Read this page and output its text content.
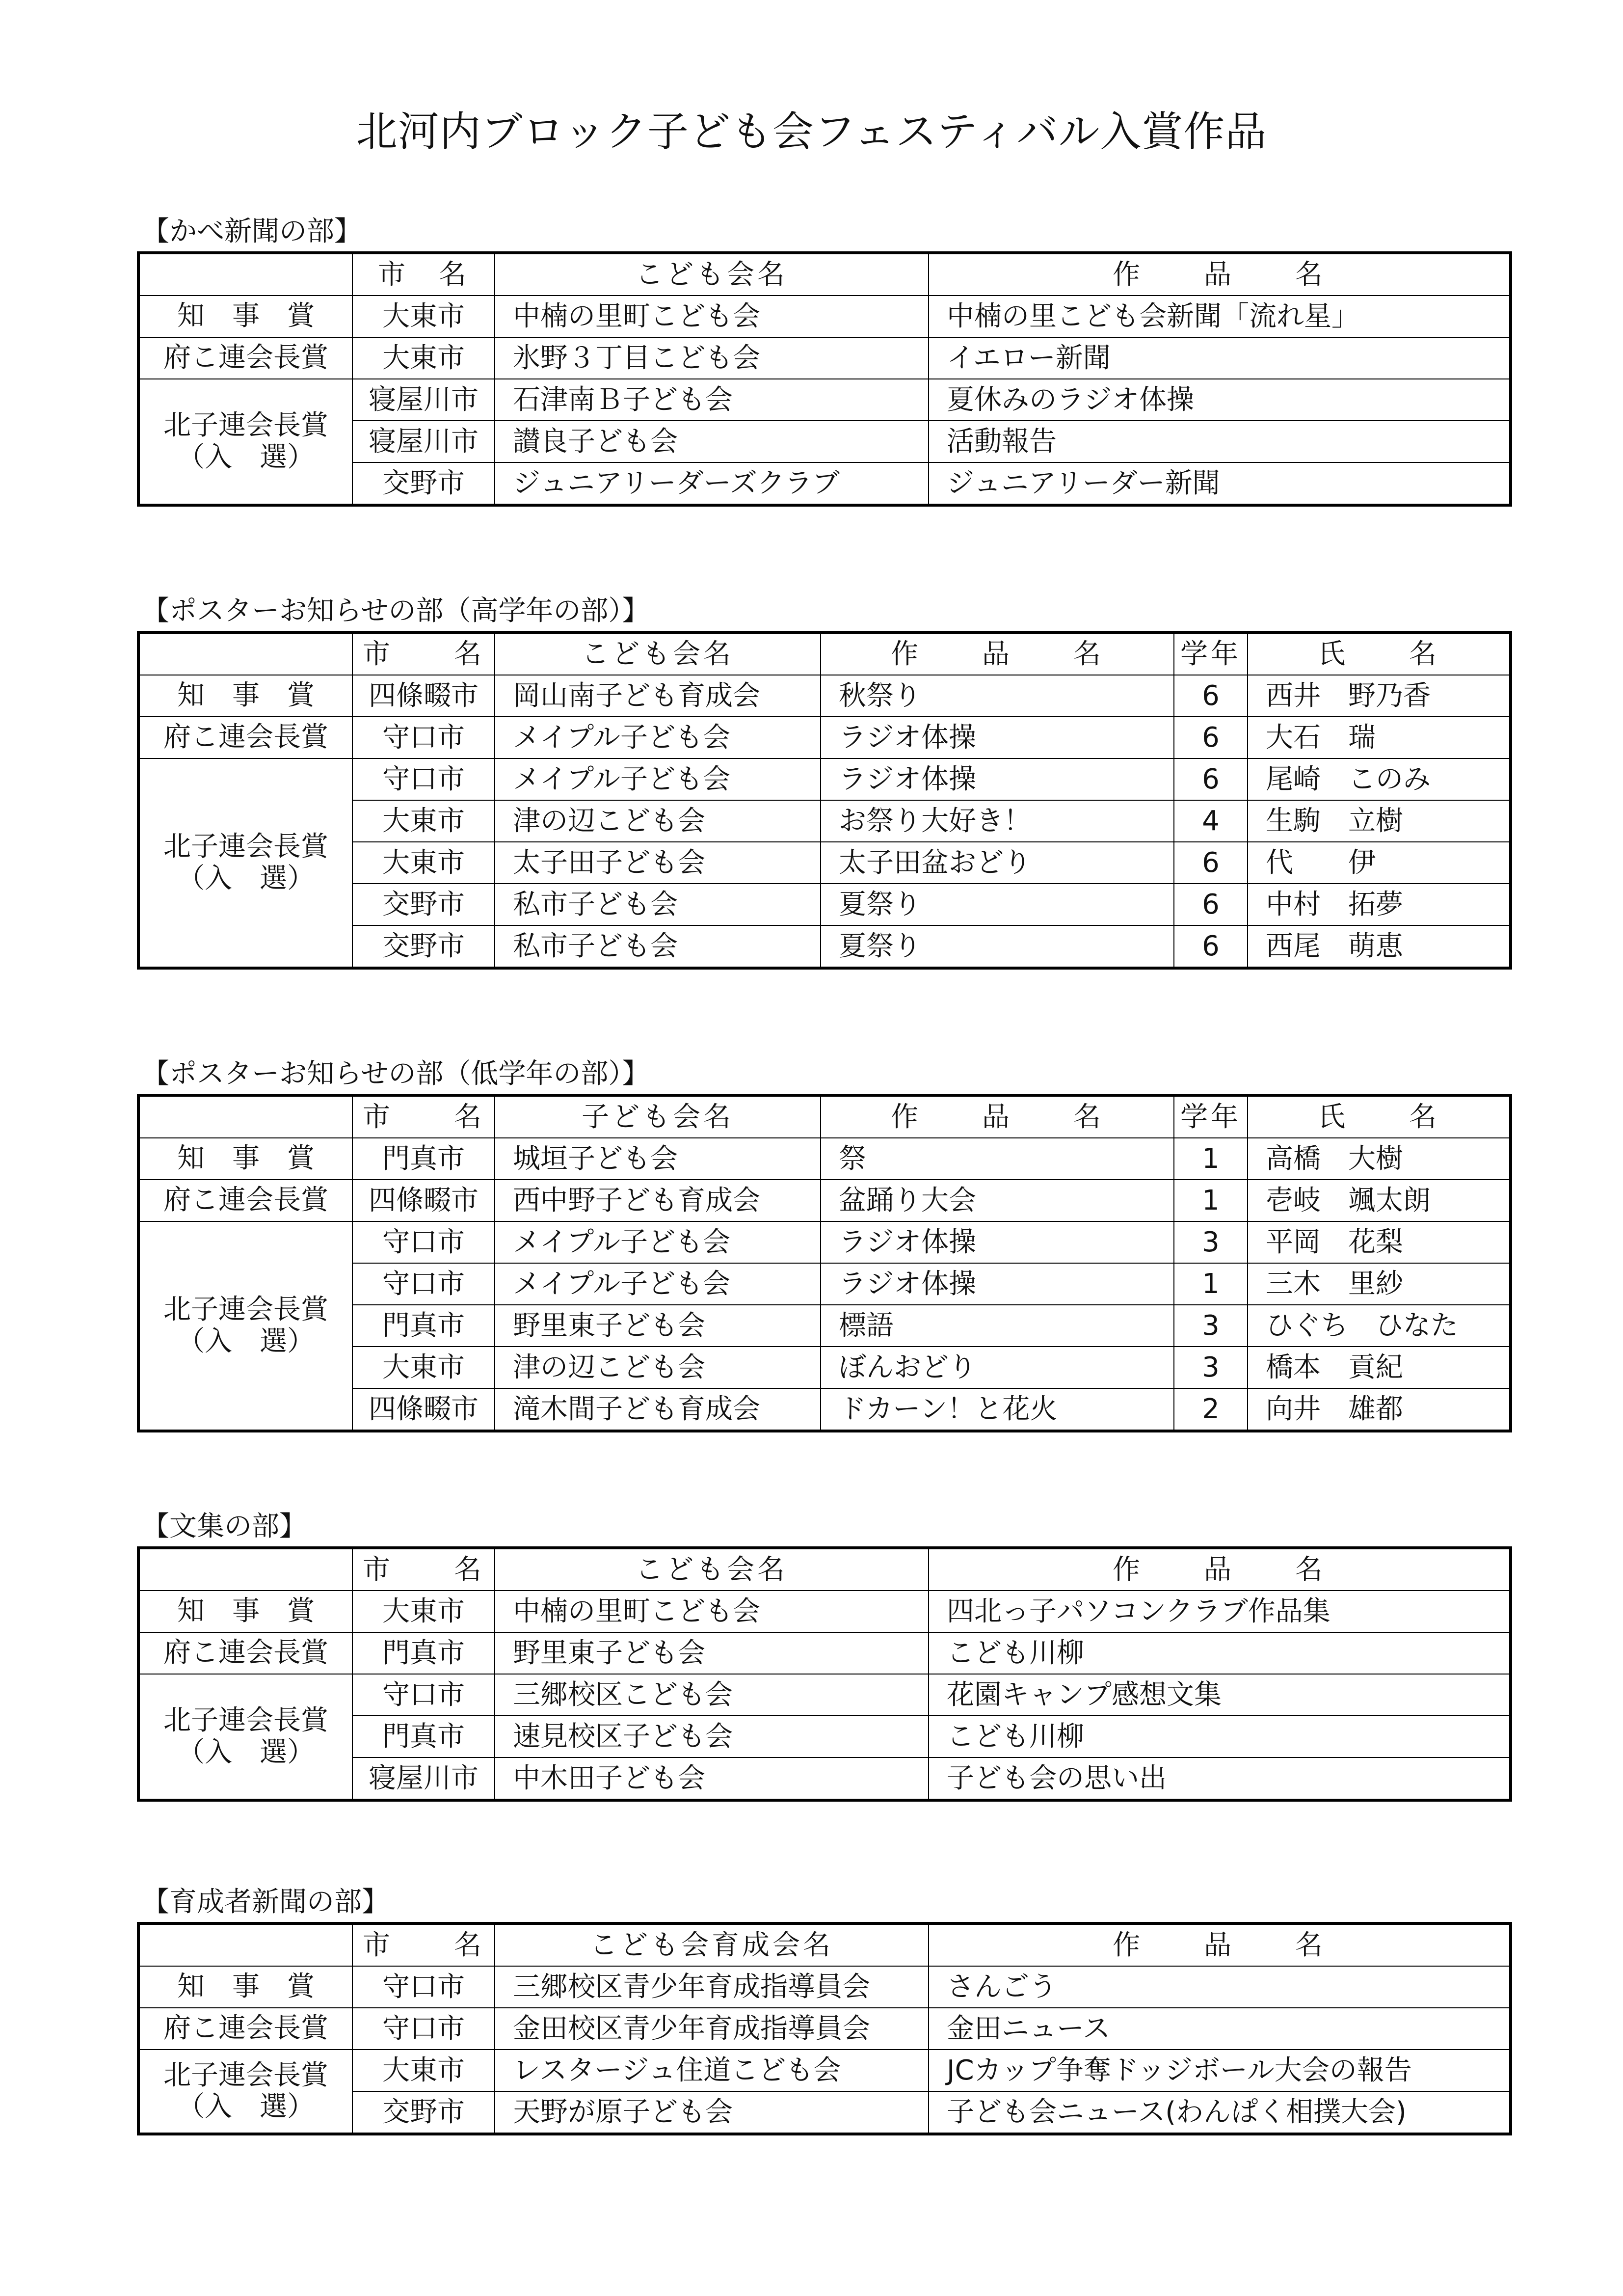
北河内ブロック子ども会フェスティバル入賞作品
【かべ新聞の部】
	市　名	こども会名	作　　品　　名

知　事　賞	大東市	中楠の里町こども会	中楠の里こども会新聞「流れ星」

府こ連会長賞	大東市	氷野３丁目こども会	イエロー新聞

北子連会長賞
（入　選）	寝屋川市	石津南Ｂ子ども会	夏休みのラジオ体操
	寝屋川市	讃良子ども会	活動報告
	交野市	ジュニアリーダーズクラブ	ジュニアリーダー新聞
【ポスターお知らせの部（高学年の部）】
	市　　名	こども会名	作　　品　　名	学年	氏　　名

知　事　賞	四條畷市	岡山南子ども育成会	秋祭り	6	西井　野乃香

府こ連会長賞	守口市	メイプル子ども会	ラジオ体操	6	大石　瑞

北子連会長賞
（入　選）	守口市	メイプル子ども会	ラジオ体操	6	尾崎　このみ
	大東市	津の辺こども会	お祭り大好き！	4	生駒　立樹
	大東市	太子田子ども会	太子田盆おどり	6	代　　伊
	交野市	私市子ども会	夏祭り	6	中村　拓夢
	交野市	私市子ども会	夏祭り	6	西尾　萌恵
【ポスターお知らせの部（低学年の部）】
	市　　名	子ども会名	作　　品　　名	学年	氏　　名

知　事　賞	門真市	城垣子ども会	祭	1	高橋　大樹

府こ連会長賞	四條畷市	西中野子ども育成会	盆踊り大会	1	壱岐　颯太朗

北子連会長賞
（入　選）	守口市	メイプル子ども会	ラジオ体操	3	平岡　花梨
	守口市	メイプル子ども会	ラジオ体操	1	三木　里紗
	門真市	野里東子ども会	標語	3	ひぐち　ひなた
	大東市	津の辺こども会	ぼんおどり	3	橋本　貢紀
	四條畷市	滝木間子ども育成会	ドカーン！と花火	2	向井　雄都
【文集の部】
	市　　名	こども会名	作　　品　　名

知　事　賞	大東市	中楠の里町こども会	四北っ子パソコンクラブ作品集

府こ連会長賞	門真市	野里東子ども会	こども川柳

北子連会長賞
（入　選）	守口市	三郷校区こども会	花園キャンプ感想文集
	門真市	速見校区子ども会	こども川柳
	寝屋川市	中木田子ども会	子ども会の思い出
【育成者新聞の部】
	市　　名	こども会育成会名	作　　品　　名

知　事　賞	守口市	三郷校区青少年育成指導員会	さんごう

府こ連会長賞	守口市	金田校区青少年育成指導員会	金田ニュース

北子連会長賞
（入　選）	大東市	レスタージュ住道こども会	JCカップ争奪ドッジボール大会の報告
	交野市	天野が原子ども会	子ども会ニュース(わんぱく相撲大会)
